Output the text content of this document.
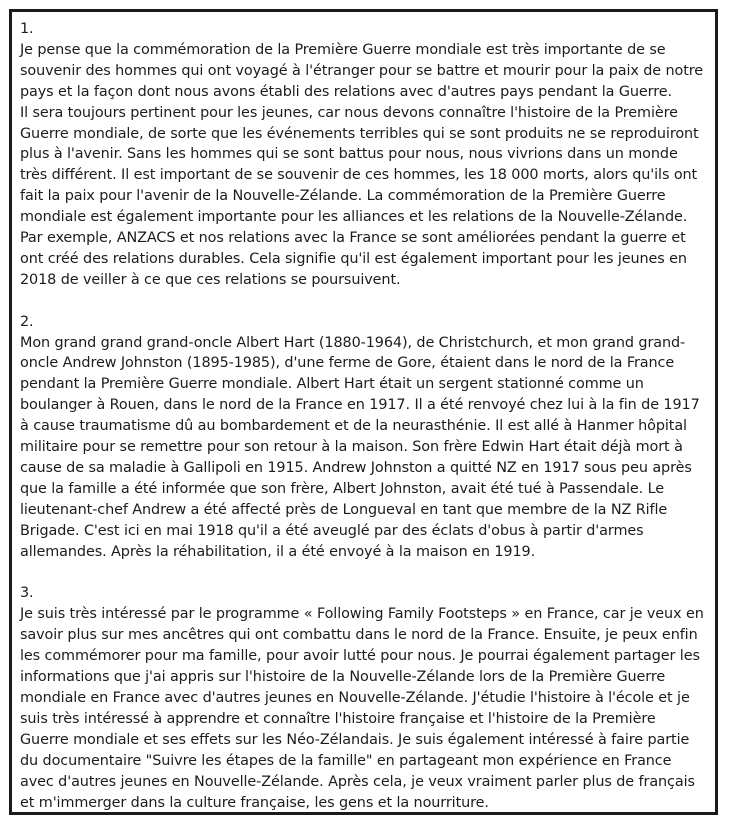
1.
Je pense que la commémoration de la Première Guerre mondiale est très importante de se souvenir des hommes qui ont voyagé à l'étranger pour se battre et mourir pour la paix de notre pays et la façon dont nous avons établi des relations avec d'autres pays pendant la Guerre.
Il sera toujours pertinent pour les jeunes, car nous devons connaître l'histoire de la Première Guerre mondiale, de sorte que les événements terribles qui se sont produits ne se reproduiront plus à l'avenir. Sans les hommes qui se sont battus pour nous, nous vivrions dans un monde très différent. Il est important de se souvenir de ces hommes, les 18 000 morts, alors qu'ils ont fait la paix pour l'avenir de la Nouvelle-Zélande. La commémoration de la Première Guerre mondiale est également importante pour les alliances et les relations de la Nouvelle-Zélande. Par exemple, ANZACS et nos relations avec la France se sont améliorées pendant la guerre et ont créé des relations durables. Cela signifie qu'il est également important pour les jeunes en 2018 de veiller à ce que ces relations se poursuivent.
2.
Mon grand grand grand-oncle Albert Hart (1880-1964), de Christchurch, et mon grand grand-oncle Andrew Johnston (1895-1985), d'une ferme de Gore, étaient dans le nord de la France pendant la Première Guerre mondiale. Albert Hart était un sergent stationné comme un boulanger à Rouen, dans le nord de la France en 1917. Il a été renvoyé chez lui à la fin de 1917 à cause traumatisme dû au bombardement et de la neurasthénie. Il est allé à Hanmer hôpital militaire pour se remettre pour son retour à la maison. Son frère Edwin Hart était déjà mort à cause de sa maladie à Gallipoli en 1915. Andrew Johnston a quitté NZ en 1917 sous peu après que la famille a été informée que son frère, Albert Johnston, avait été tué à Passendale. Le lieutenant-chef Andrew a été affecté près de Longueval en tant que membre de la NZ Rifle Brigade. C'est ici en mai 1918 qu'il a été aveuglé par des éclats d'obus à partir d'armes allemandes. Après la réhabilitation, il a été envoyé à la maison en 1919.
3.
Je suis très intéressé par le programme « Following Family Footsteps » en France, car je veux en savoir plus sur mes ancêtres qui ont combattu dans le nord de la France. Ensuite, je peux enfin les commémorer pour ma famille, pour avoir lutté pour nous. Je pourrai également partager les informations que j'ai appris sur l'histoire de la Nouvelle-Zélande lors de la Première Guerre mondiale en France avec d'autres jeunes en Nouvelle-Zélande. J'étudie l'histoire à l'école et je suis très intéressé à apprendre et connaître l'histoire française et l'histoire de la Première Guerre mondiale et ses effets sur les Néo-Zélandais. Je suis également intéressé à faire partie du documentaire "Suivre les étapes de la famille" en partageant mon expérience en France avec d'autres jeunes en Nouvelle-Zélande. Après cela, je veux vraiment parler plus de français et m'immerger dans la culture française, les gens et la nourriture.
